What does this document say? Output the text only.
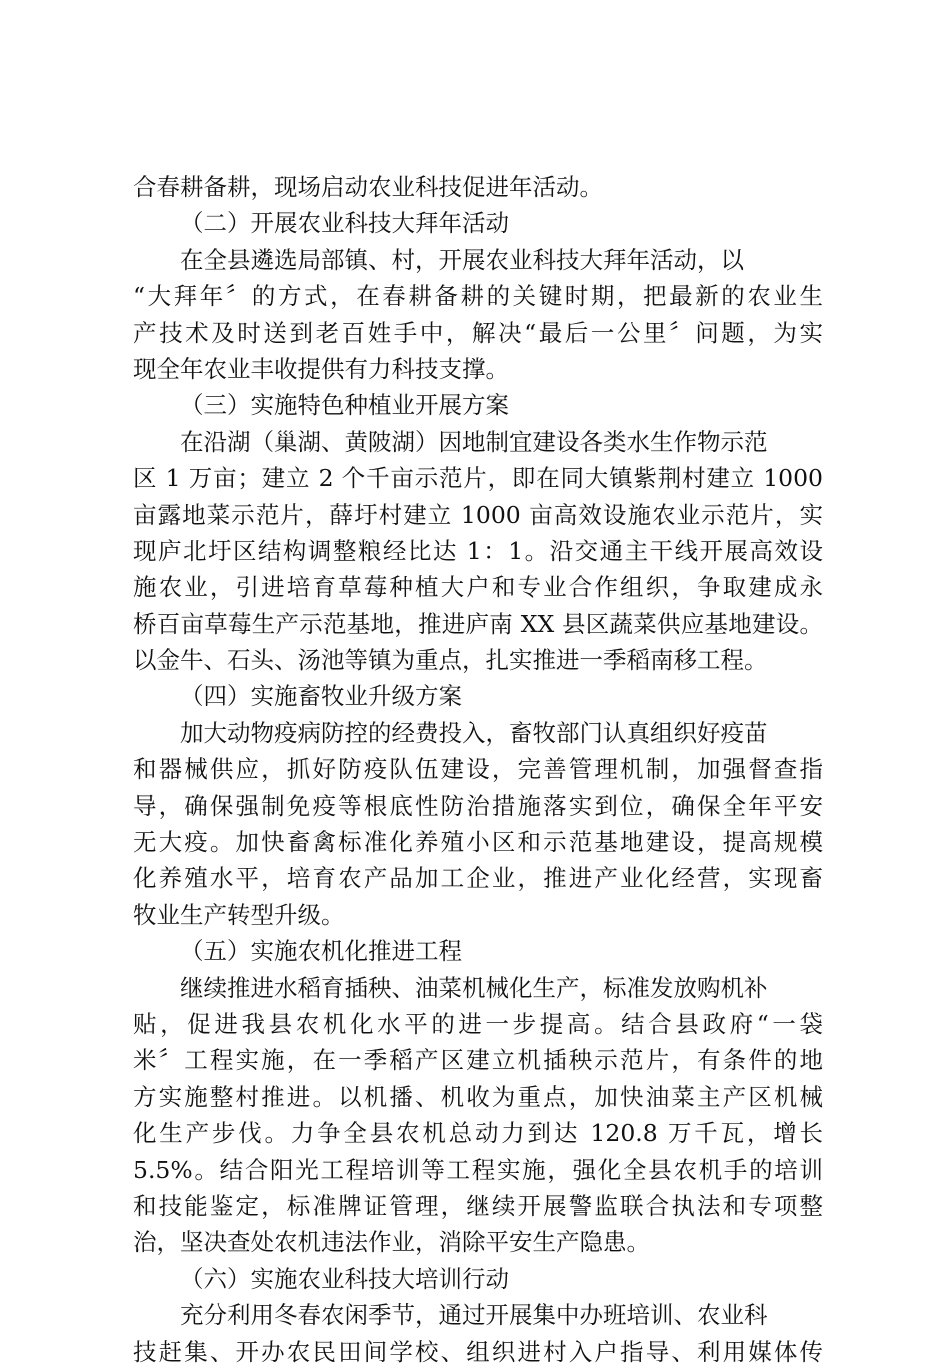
合春耕备耕，现场启动农业科技促进年活动。
（二）开展农业科技大拜年活动
在全县遴选局部镇、村，开展农业科技大拜年活动，以
“大拜年〞的方式，在春耕备耕的关键时期，把最新的农业生
产技术及时送到老百姓手中，解决“最后一公里〞问题，为实
现全年农业丰收提供有力科技支撑。
（三）实施特色种植业开展方案
在沿湖（巢湖、黄陂湖）因地制宜建设各类水生作物示范
区 1 万亩；建立 2 个千亩示范片，即在同大镇紫荆村建立 1000
亩露地菜示范片，薛圩村建立 1000 亩高效设施农业示范片，实
现庐北圩区结构调整粮经比达 1：1。沿交通主干线开展高效设
施农业，引进培育草莓种植大户和专业合作组织，争取建成永
桥百亩草莓生产示范基地，推进庐南 XX 县区蔬菜供应基地建设。
以金牛、石头、汤池等镇为重点，扎实推进一季稻南移工程。
（四）实施畜牧业升级方案
加大动物疫病防控的经费投入，畜牧部门认真组织好疫苗
和器械供应，抓好防疫队伍建设，完善管理机制，加强督查指
导，确保强制免疫等根底性防治措施落实到位，确保全年平安
无大疫。加快畜禽标准化养殖小区和示范基地建设，提高规模
化养殖水平，培育农产品加工企业，推进产业化经营，实现畜
牧业生产转型升级。
（五）实施农机化推进工程
继续推进水稻育插秧、油菜机械化生产，标准发放购机补
贴，促进我县农机化水平的进一步提高。结合县政府“一袋
米〞工程实施，在一季稻产区建立机插秧示范片，有条件的地
方实施整村推进。以机播、机收为重点，加快油菜主产区机械
化生产步伐。力争全县农机总动力到达 120.8 万千瓦，增长
5.5%。结合阳光工程培训等工程实施，强化全县农机手的培训
和技能鉴定，标准牌证管理，继续开展警监联合执法和专项整
治，坚决查处农机违法作业，消除平安生产隐患。
（六）实施农业科技大培训行动
充分利用冬春农闲季节，通过开展集中办班培训、农业科
技赶集、开办农民田间学校、组织进村入户指导、利用媒体传
